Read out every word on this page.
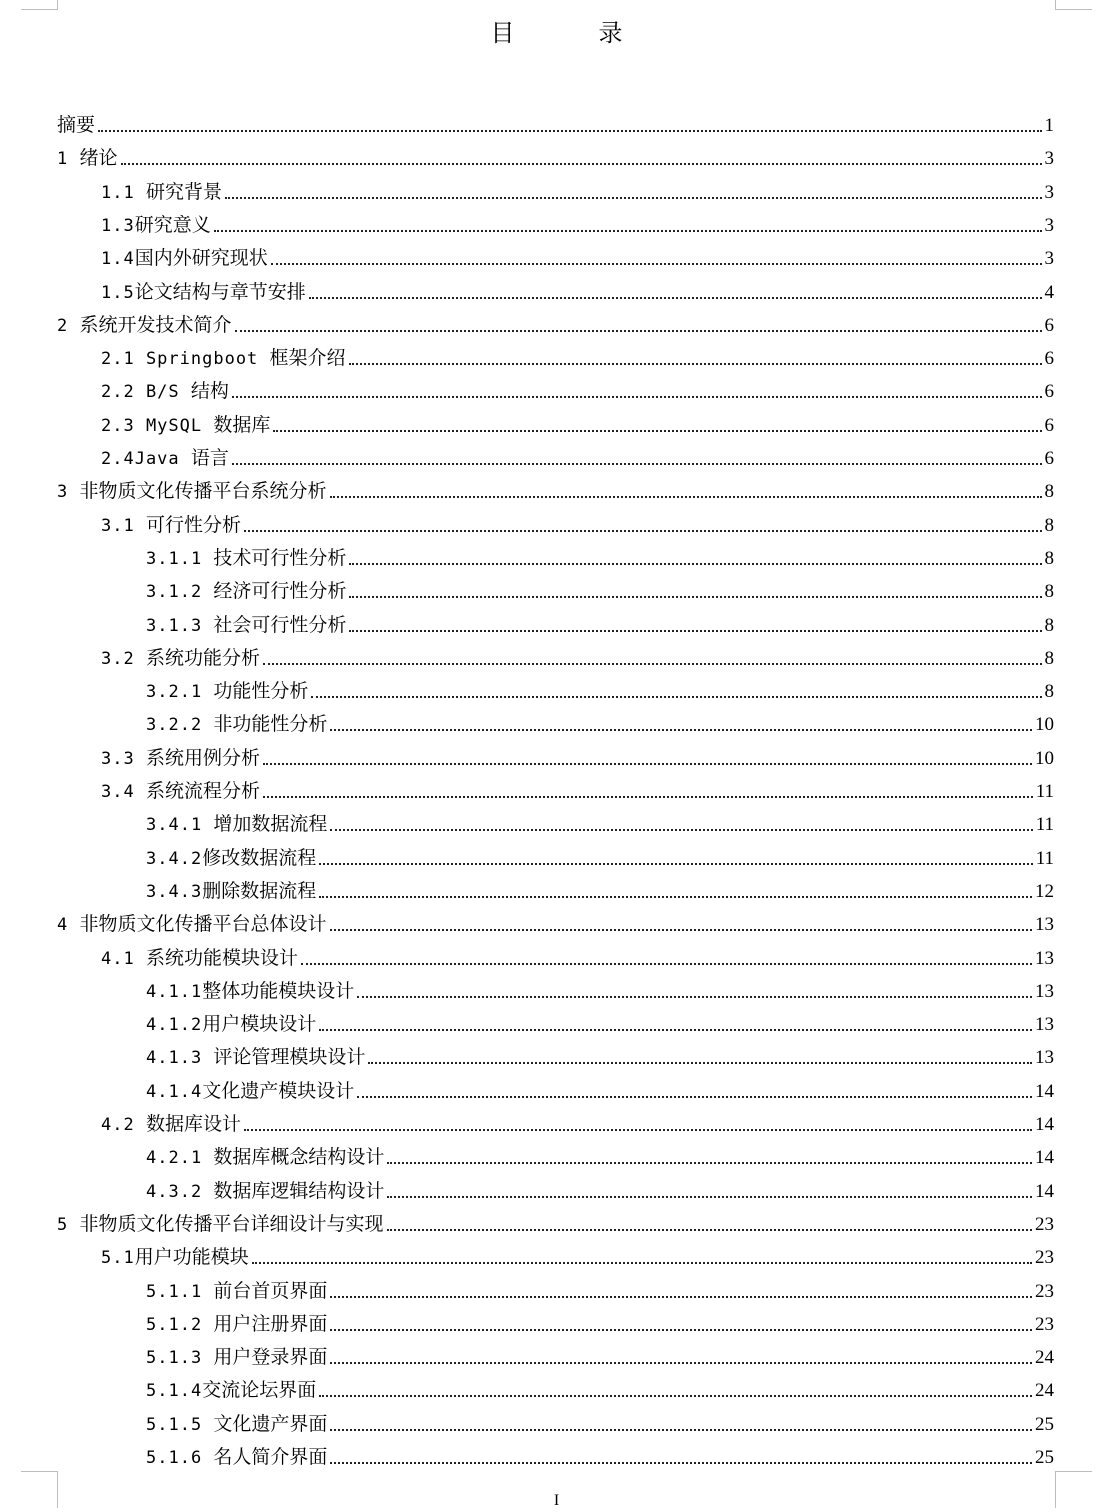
目　录
摘要	1
1 绪论	3
1.1 研究背景	3
1.3研究意义	3
1.4国内外研究现状	3
1.5论文结构与章节安排	4
2 系统开发技术简介	6
2.1 Springboot 框架介绍	6
2.2 B/S 结构	6
2.3 MySQL 数据库	6
2.4Java 语言	6
3 非物质文化传播平台系统分析	8
3.1 可行性分析	8
3.1.1 技术可行性分析	8
3.1.2 经济可行性分析	8
3.1.3 社会可行性分析	8
3.2 系统功能分析	8
3.2.1 功能性分析	8
3.2.2 非功能性分析	10
3.3 系统用例分析	10
3.4 系统流程分析	11
3.4.1 增加数据流程	11
3.4.2修改数据流程	11
3.4.3删除数据流程	12
4 非物质文化传播平台总体设计	13
4.1 系统功能模块设计	13
4.1.1整体功能模块设计	13
4.1.2用户模块设计	13
4.1.3 评论管理模块设计	13
4.1.4文化遗产模块设计	14
4.2 数据库设计	14
4.2.1 数据库概念结构设计	14
4.3.2 数据库逻辑结构设计	14
5 非物质文化传播平台详细设计与实现	23
5.1用户功能模块	23
5.1.1 前台首页界面	23
5.1.2 用户注册界面	23
5.1.3 用户登录界面	24
5.1.4交流论坛界面	24
5.1.5 文化遗产界面	25
5.1.6 名人简介界面	25
I
